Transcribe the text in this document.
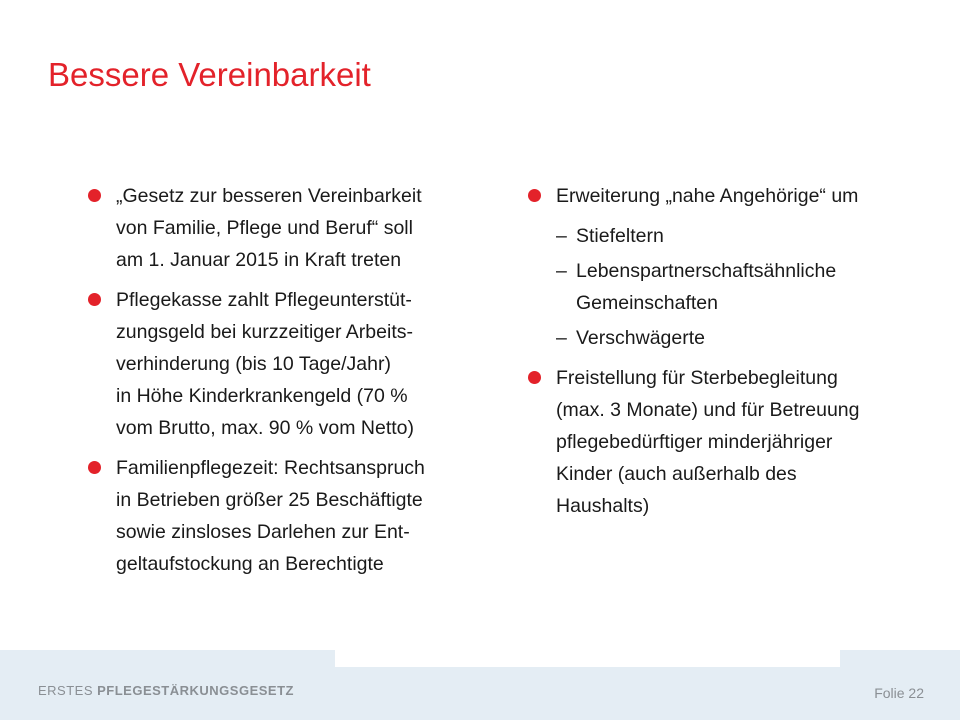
Bessere Vereinbarkeit
„Gesetz zur besseren Vereinbarkeit
von Familie, Pflege und Beruf“ soll
am 1. Januar 2015 in Kraft treten
Pflegekasse zahlt Pflegeunterstüt-
zungsgeld bei kurzzeitiger Arbeits-
verhinderung (bis 10 Tage/Jahr)
in Höhe Kinderkrankengeld (70 %
vom Brutto, max. 90 % vom Netto)
Familienpflegezeit: Rechtsanspruch
in Betrieben größer 25 Beschäftigte
sowie zinsloses Darlehen zur Ent-
geltaufstockung an Berechtigte
Erweiterung „nahe Angehörige“ um
– Stiefeltern
– Lebenspartnerschaftsähnliche
Gemeinschaften
– Verschwägerte
Freistellung für Sterbebegleitung
(max. 3 Monate) und für Betreuung
pflegebedürftiger minderjähriger
Kinder (auch außerhalb des
Haushalts)
ERSTES PFLEGESTÄRKUNGSGESETZ	Folie 22
